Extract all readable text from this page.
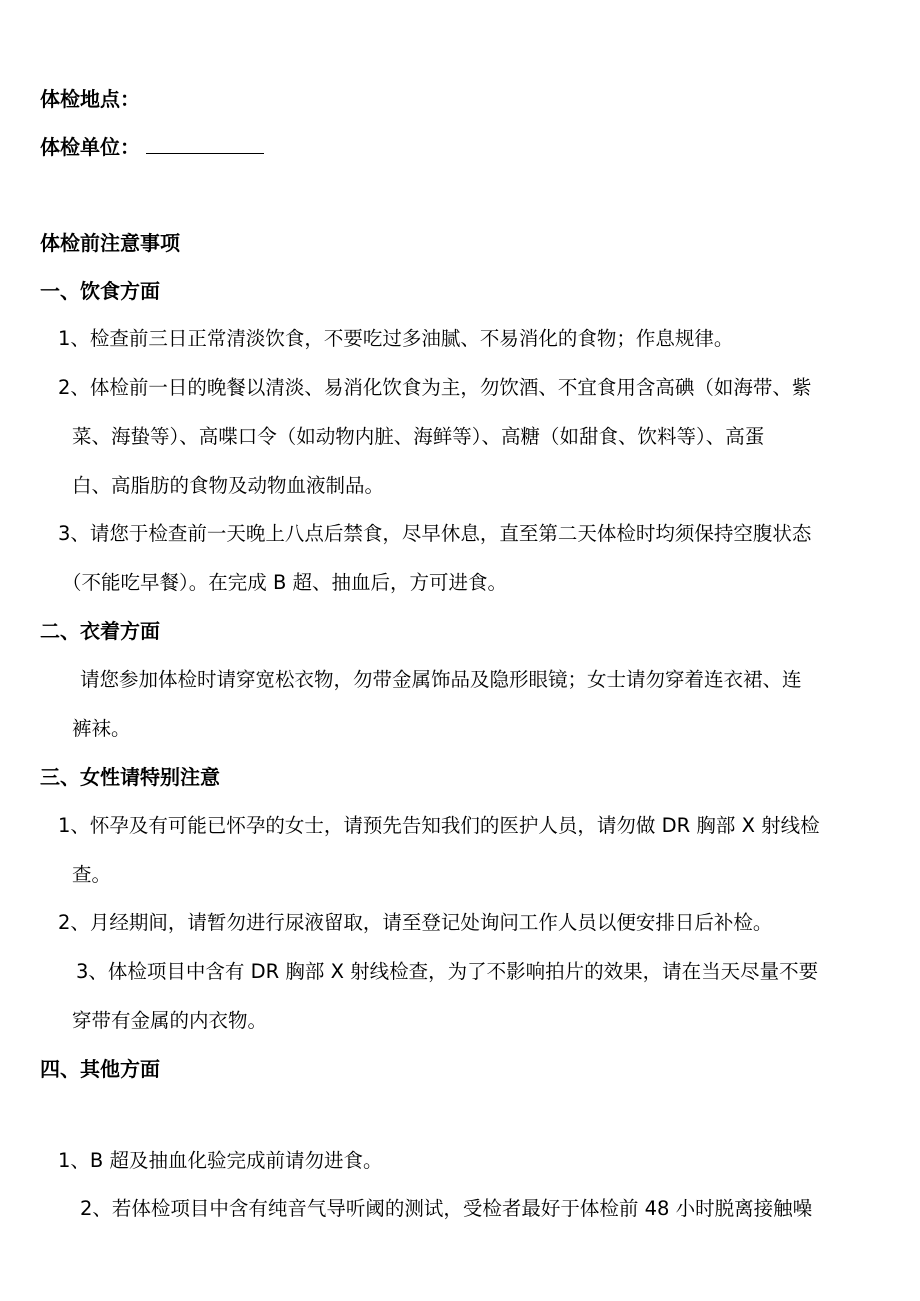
体检地点：
体检单位：
体检前注意事项
一、饮食方面
1、检查前三日正常清淡饮食，不要吃过多油腻、不易消化的食物；作息规律。
2、体检前一日的晚餐以清淡、易消化饮食为主，勿饮酒、不宜食用含高碘（如海带、紫
菜、海蛰等）、高喋口令（如动物内脏、海鲜等）、高糖（如甜食、饮料等）、高蛋
白、高脂肪的食物及动物血液制品。
3、请您于检查前一天晚上八点后禁食，尽早休息，直至第二天体检时均须保持空腹状态
（不能吃早餐）。在完成 B 超、抽血后，方可进食。
二、衣着方面
请您参加体检时请穿宽松衣物，勿带金属饰品及隐形眼镜；女士请勿穿着连衣裙、连
裤袜。
三、女性请特别注意
1、怀孕及有可能已怀孕的女士，请预先告知我们的医护人员，请勿做 DR 胸部 X 射线检
查。
2、月经期间，请暂勿进行尿液留取，请至登记处询问工作人员以便安排日后补检。
3、体检项目中含有 DR 胸部 X 射线检查，为了不影响拍片的效果，请在当天尽量不要
穿带有金属的内衣物。
四、其他方面
1、B 超及抽血化验完成前请勿进食。
2、若体检项目中含有纯音气导听阈的测试，受检者最好于体检前 48 小时脱离接触噪
